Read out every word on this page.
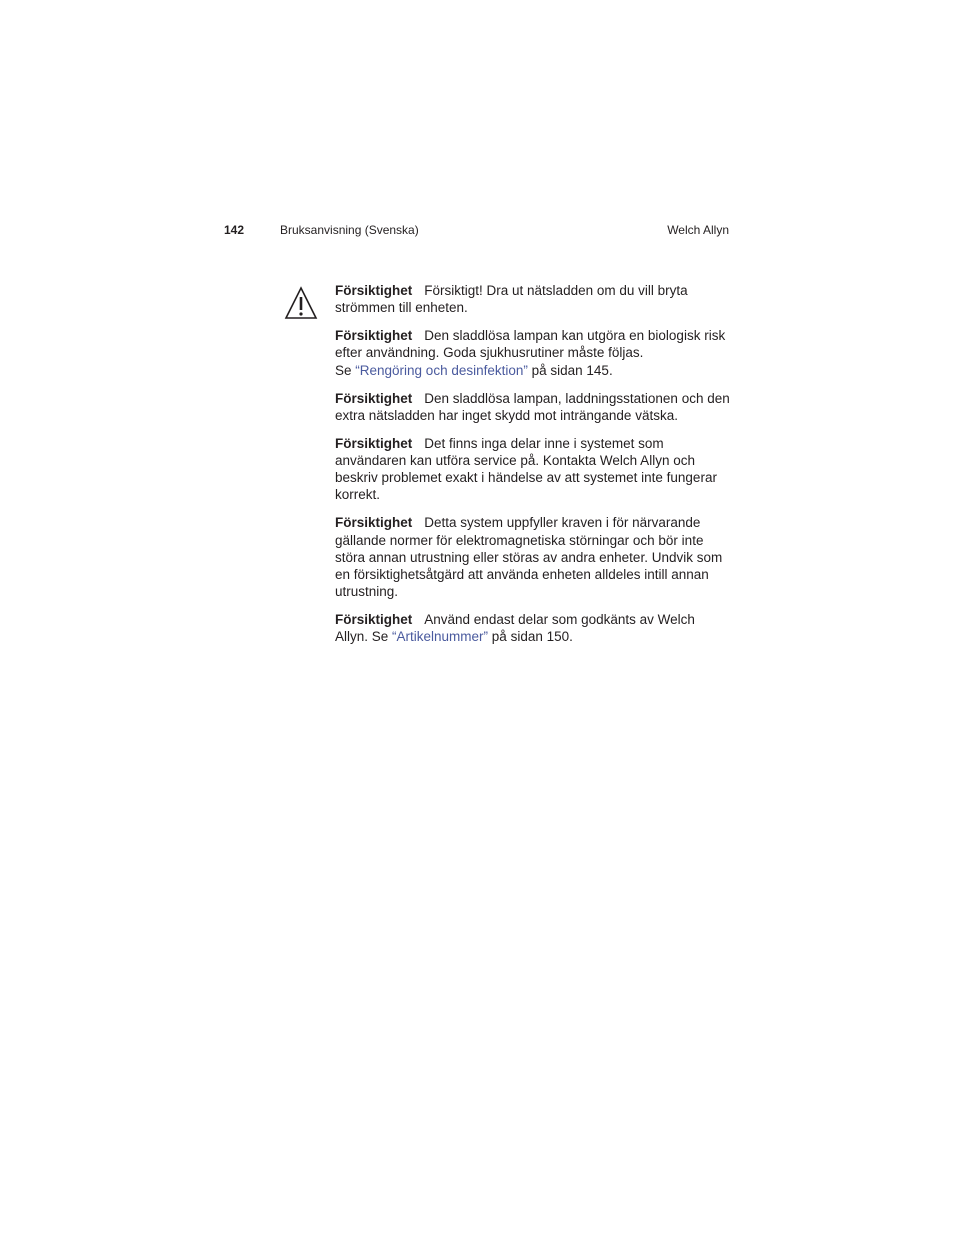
142	Bruksanvisning (Svenska)	Welch Allyn

Försiktighet Försiktigt! Dra ut nätsladden om du vill bryta strömmen till enheten.

Försiktighet Den sladdlösa lampan kan utgöra en biologisk risk efter användning. Goda sjukhusrutiner måste följas.
Se “Rengöring och desinfektion” på sidan 145.

Försiktighet Den sladdlösa lampan, laddningsstationen och den extra nätsladden har inget skydd mot inträngande vätska.

Försiktighet Det finns inga delar inne i systemet som användaren kan utföra service på. Kontakta Welch Allyn och beskriv problemet exakt i händelse av att systemet inte fungerar korrekt.

Försiktighet Detta system uppfyller kraven i för närvarande gällande normer för elektromagnetiska störningar och bör inte störa annan utrustning eller störas av andra enheter. Undvik som en försiktighetsåtgärd att använda enheten alldeles intill annan utrustning.

Försiktighet Använd endast delar som godkänts av Welch Allyn. Se “Artikelnummer” på sidan 150.
